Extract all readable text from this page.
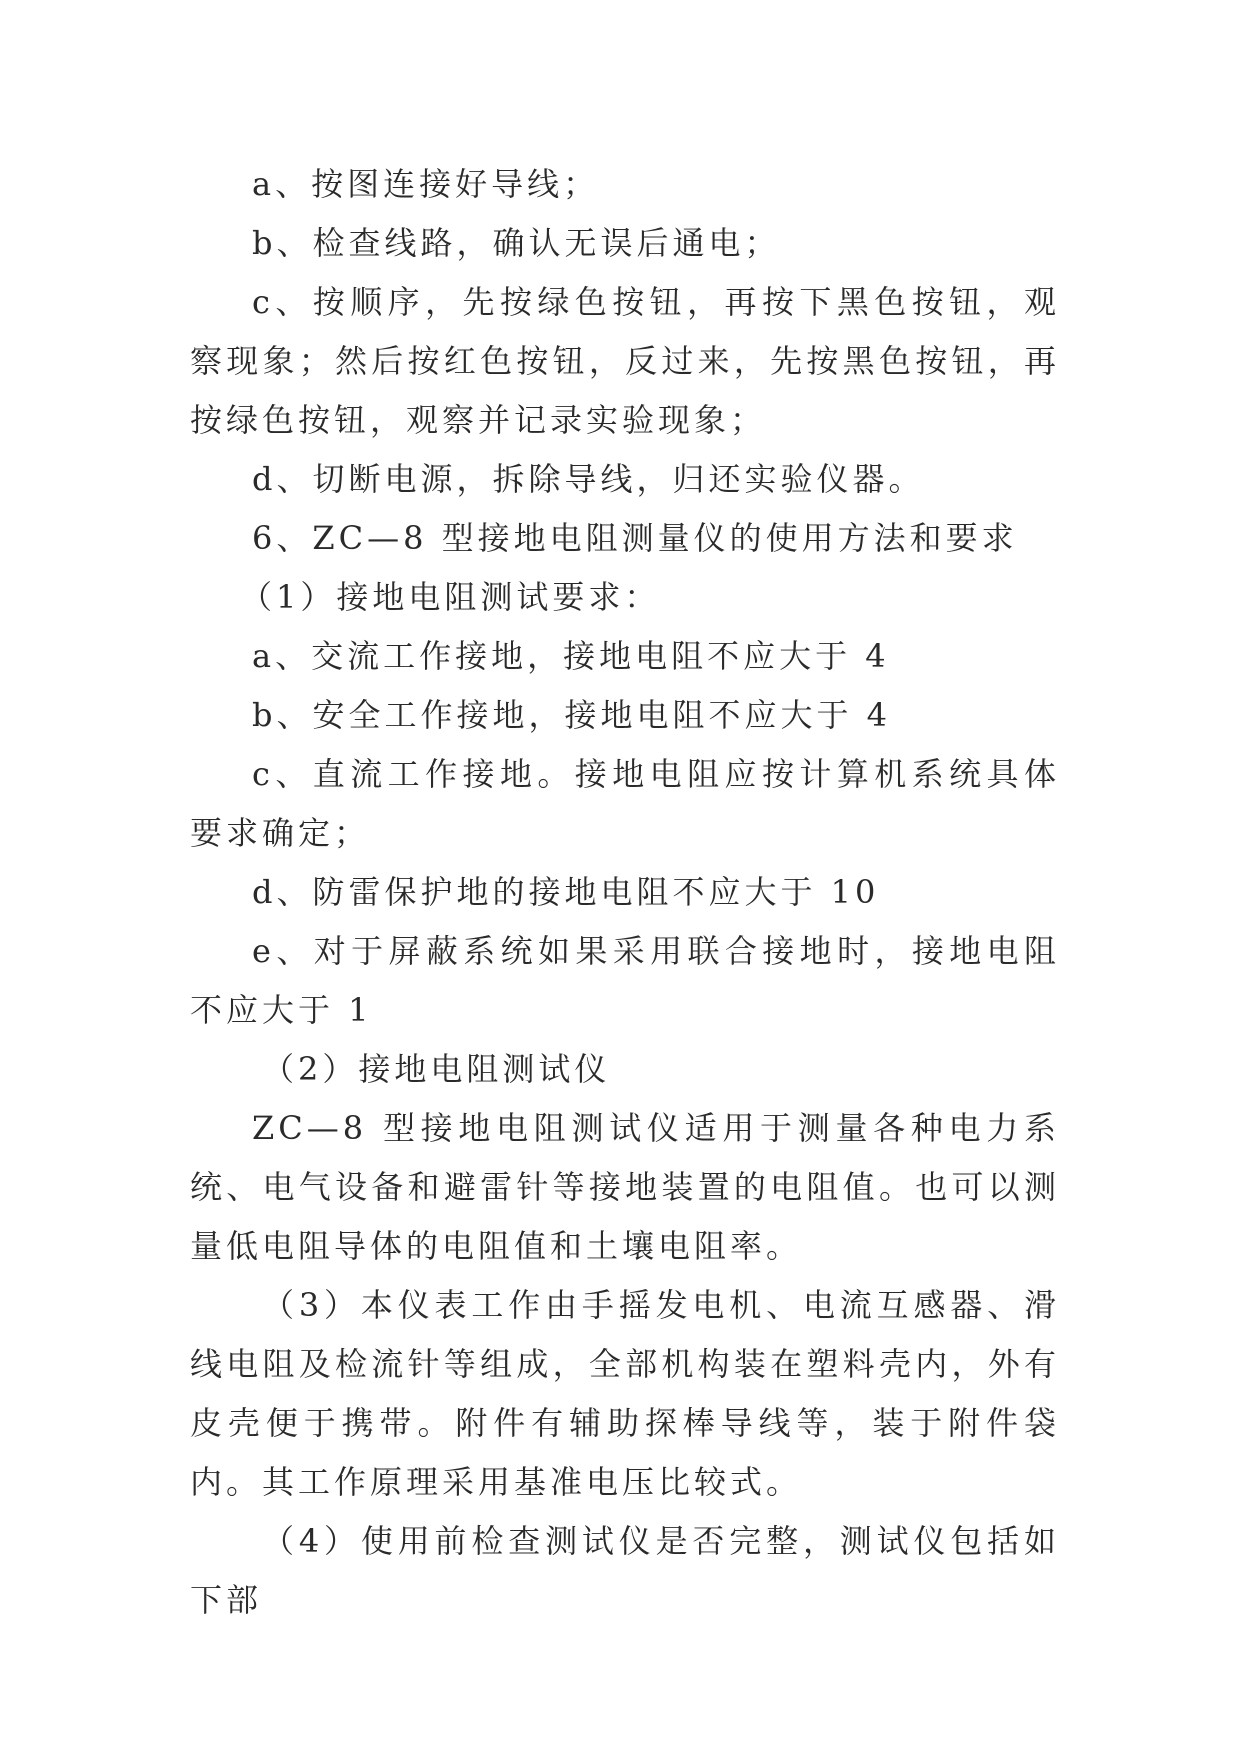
a、按图连接好导线；

b、检查线路，确认无误后通电；

c、按顺序，先按绿色按钮，再按下黑色按钮，观察现象；然后按红色按钮，反过来，先按黑色按钮，再按绿色按钮，观察并记录实验现象；

d、切断电源，拆除导线，归还实验仪器。

6、ZC—8 型接地电阻测量仪的使用方法和要求

（1）接地电阻测试要求：

a、交流工作接地，接地电阻不应大于 4

b、安全工作接地，接地电阻不应大于 4

c、直流工作接地。接地电阻应按计算机系统具体要求确定；

d、防雷保护地的接地电阻不应大于 10

e、对于屏蔽系统如果采用联合接地时，接地电阻不应大于 1

（2）接地电阻测试仪

ZC—8 型接地电阻测试仪适用于测量各种电力系统、电气设备和避雷针等接地装置的电阻值。也可以测量低电阻导体的电阻值和土壤电阻率。

（3）本仪表工作由手摇发电机、电流互感器、滑线电阻及检流针等组成，全部机构装在塑料壳内，外有皮壳便于携带。附件有辅助探棒导线等，装于附件袋内。其工作原理采用基准电压比较式。

（4）使用前检查测试仪是否完整，测试仪包括如下部
